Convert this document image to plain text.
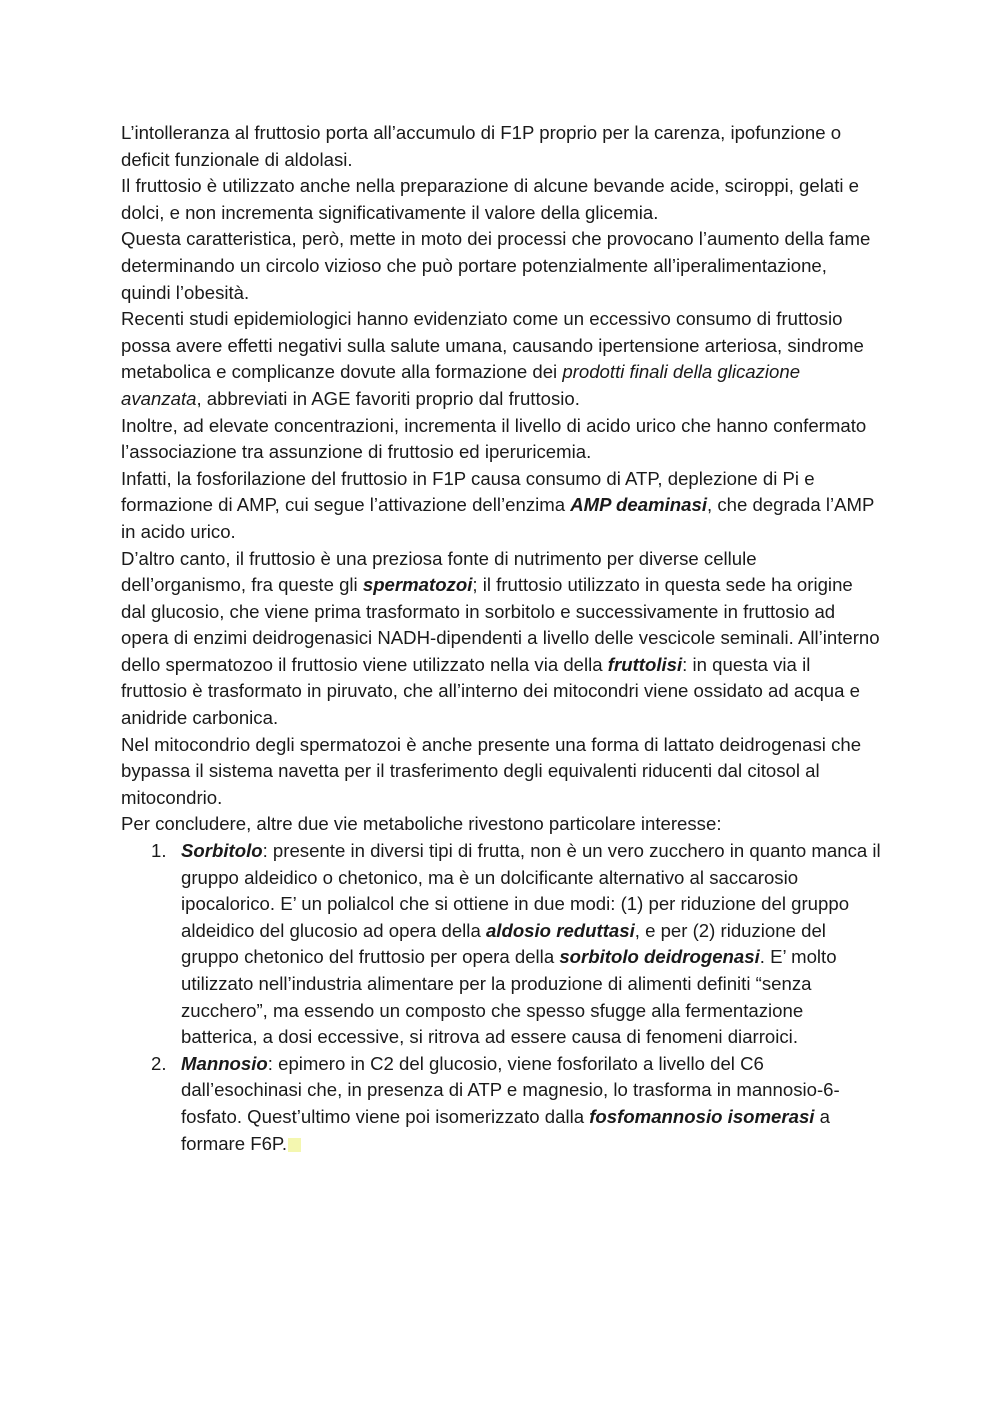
L’intolleranza al fruttosio porta all’accumulo di F1P proprio per la carenza, ipofunzione o deficit funzionale di aldolasi.

Il fruttosio è utilizzato anche nella preparazione di alcune bevande acide, sciroppi, gelati e dolci, e non incrementa significativamente il valore della glicemia.

Questa caratteristica, però, mette in moto dei processi che provocano l’aumento della fame determinando un circolo vizioso che può portare potenzialmente all’iperalimentazione, quindi l’obesità.

Recenti studi epidemiologici hanno evidenziato come un eccessivo consumo di fruttosio possa avere effetti negativi sulla salute umana, causando ipertensione arteriosa, sindrome metabolica e complicanze dovute alla formazione dei prodotti finali della glicazione avanzata, abbreviati in AGE favoriti proprio dal fruttosio.

Inoltre, ad elevate concentrazioni, incrementa il livello di acido urico che hanno confermato l’associazione tra assunzione di fruttosio ed iperuricemia.

Infatti, la fosforilazione del fruttosio in F1P causa consumo di ATP, deplezione di Pi e formazione di AMP, cui segue l’attivazione dell’enzima AMP deaminasi, che degrada l’AMP in acido urico.

D’altro canto, il fruttosio è una preziosa fonte di nutrimento per diverse cellule dell’organismo, fra queste gli spermatozoi; il fruttosio utilizzato in questa sede ha origine dal glucosio, che viene prima trasformato in sorbitolo e successivamente in fruttosio ad opera di enzimi deidrogenasici NADH-dipendenti a livello delle vescicole seminali. All’interno dello spermatozoo il fruttosio viene utilizzato nella via della fruttolisi: in questa via il fruttosio è trasformato in piruvato, che all’interno dei mitocondri viene ossidato ad acqua e anidride carbonica.

Nel mitocondrio degli spermatozoi è anche presente una forma di lattato deidrogenasi che bypassa il sistema navetta per il trasferimento degli equivalenti riducenti dal citosol al mitocondrio.

Per concludere, altre due vie metaboliche rivestono particolare interesse:

1. Sorbitolo: presente in diversi tipi di frutta, non è un vero zucchero in quanto manca il gruppo aldeidico o chetonico, ma è un dolcificante alternativo al saccarosio ipocalorico. E’ un polialcol che si ottiene in due modi: (1) per riduzione del gruppo aldeidico del glucosio ad opera della aldosio reduttasi, e per (2) riduzione del gruppo chetonico del fruttosio per opera della sorbitolo deidrogenasi. E’ molto utilizzato nell’industria alimentare per la produzione di alimenti definiti “senza zucchero”, ma essendo un composto che spesso sfugge alla fermentazione batterica, a dosi eccessive, si ritrova ad essere causa di fenomeni diarroici.
2. Mannosio: epimero in C2 del glucosio, viene fosforilato a livello del C6 dall’esochinasi che, in presenza di ATP e magnesio, lo trasforma in mannosio-6-fosfato. Quest’ultimo viene poi isomerizzato dalla fosfomannosio isomerasi a formare F6P.
